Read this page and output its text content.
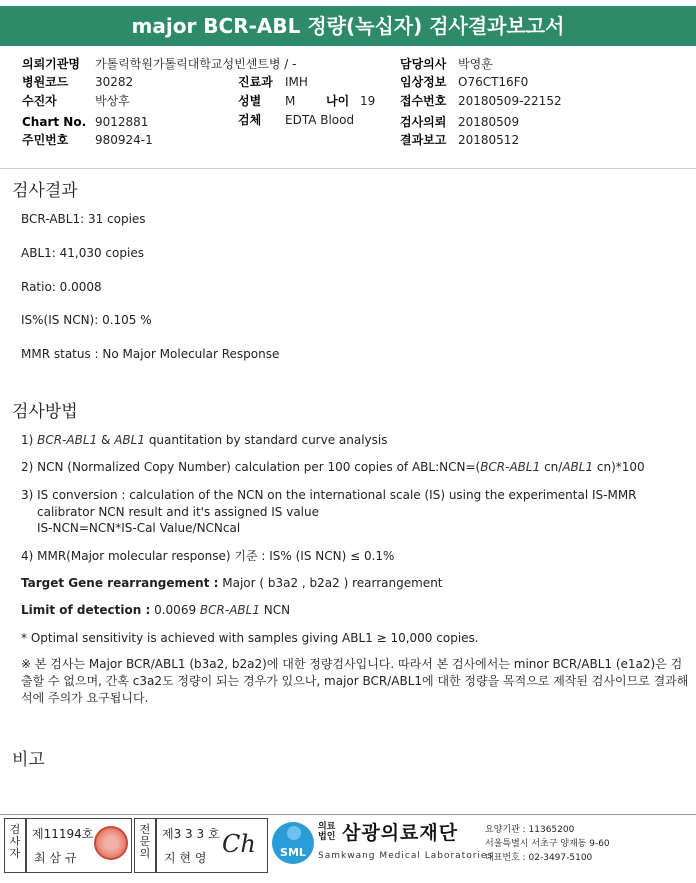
major BCR-ABL 정량(녹십자) 검사결과보고서
의뢰기관명 가톨릭학원가톨릭대학교성빈센트병 / -
병원코드 30282
수진자	박상후
Chart No. 9012881
주민번호 980924-1
진료과 IMH
성별 M	나이 19
검체 EDTA Blood
담당의사 박영훈
임상정보 O76CT16F0
접수번호 20180509-22152
검사의뢰 20180509
결과보고 20180512
검사결과
BCR-ABL1: 31 copies
ABL1: 41,030 copies
Ratio: 0.0008
IS%(IS NCN): 0.105 %
MMR status : No Major Molecular Response
검사방법
1) BCR-ABL1 & ABL1 quantitation by standard curve analysis
2) NCN (Normalized Copy Number) calculation per 100 copies of ABL:NCN=(BCR-ABL1 cn/ABL1 cn)*100
3) IS conversion : calculation of the NCN on the international scale (IS) using the experimental IS-MMR
calibrator NCN result and it's assigned IS value
IS-NCN=NCN*IS-Cal Value/NCNcal
4) MMR(Major molecular response) 기준 : IS% (IS NCN) ≤ 0.1%
Target Gene rearrangement : Major ( b3a2 , b2a2 ) rearrangement
Limit of detection : 0.0069 BCR-ABL1 NCN
* Optimal sensitivity is achieved with samples giving ABL1 ≥ 10,000 copies.
※ 본 검사는 Major BCR/ABL1 (b3a2, b2a2)에 대한 정량검사입니다. 따라서 본 검사에서는 minor BCR/ABL1 (e1a2)은 검출할 수 없으며, 간혹 c3a2도 정량이 되는 경우가 있으나, major BCR/ABL1에 대한 정량을 목적으로 제작된 검사이므로 결과해석에 주의가 요구됩니다.
비고
검사자
제11194호
최 삼 규
전문의
제3 3 3 호
지 현 영 Ch	SML
의료
법인 삼광의료재단
Samkwang Medical Laboratories
요양기관 : 11365200
서울특별시 서초구 양재동 9-60
대표번호 : 02-3497-5100
